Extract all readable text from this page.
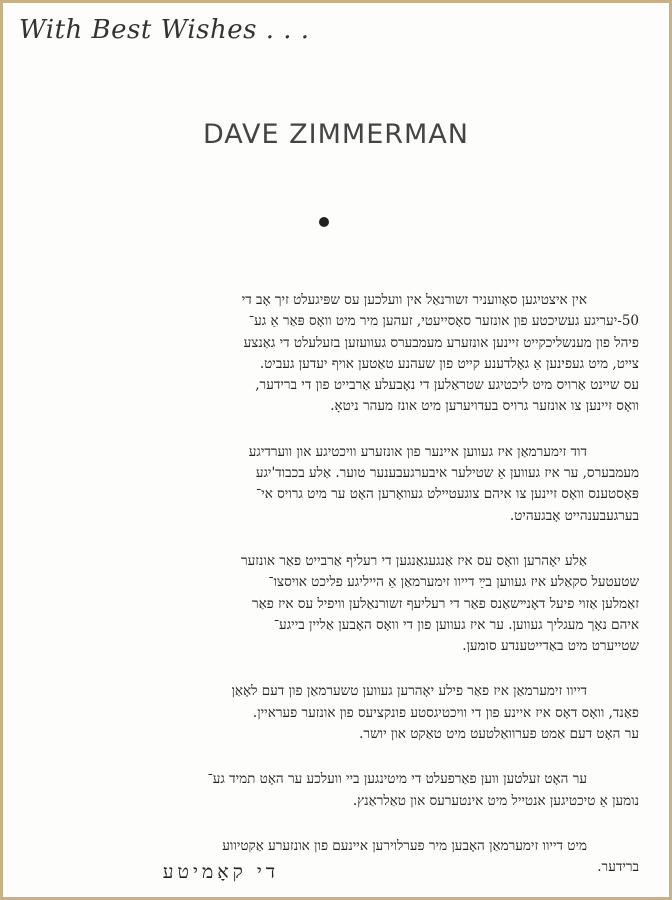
With Best Wishes . . .
DAVE ZIMMERMAN

אין איצטיגען סאָוועניר זשורנאַל אין וועלכען עס שפּיגעלט זיך אָב די
50-יעריגע געשיכטע פון אונזער סאָסייעטי, זעהען מיר מיט וואָס פּאַר אַ גע־
פיהל פון מענשליכקייט זיינען אונזערע מעמבערס געוועזען בזעלעלט די גאַנצע
צייט, מיט געפינען אַ גאָלדענע קייט פון שעהנע טאַטען אויף יעדען געביט.
עס שיינט אַרויס מיט ליכטיגע שטראַלען די נאָבעלע אַרבייט פון די ברידער,
וואָס זיינען צו אונזער גרויס בעדויערען מיט אונז מעהר ניטאָ.

דוד זימערמאַן איז געווען איינער פון אונזערע וויכטיגע און ווערדיגע
מעמבערס, ער איז געווען אַ שטילער איבערגעבענער טוער. אַלע בכבוד'יגע
פּאָסטענס וואָס זיינען צו איהם צוגעטיילט געוואָרען האָט ער מיט גרויס אי־
בערגעבענהייט אָבגעהיט.

אַלע יאָהרען וואָס עס איז אַנגעגאַנגען די רעליף אַרבייט פאַר אונזער
שטעטעל סקאַלע איז געווען בײַ דייוו זימערמאַן אַ הייליגע פליכט אויסצו־
זאַמלען אַזוי פיעל דאָנײשאַנס פאַר די רעליעף זשורנאַלען וויפיל עס איז פאַר
איהם נאָך מעגליך געווען. ער איז געווען פון די וואָס האָבען אַליין בייגע־
שטייערט מיט באַדייטענדע סומען.

דייוו זימערמאַן איז פאַר פילע יאָהרען געווען טשערמאַן פון דעם לאָאַן
פאַנד, וואָס דאָס איז איינע פון די וויכטיגסטע פונקציעס פון אונזער פעראיין.
ער האָט דעם אַמט פערוואַלטעט מיט טאַקט און יושר.

ער האָט זעלטען ווען פאַרפעלט די מיטינגען ביי וועלכע ער האָט תמיד גע־
נומען אַ טיכטיגען אנטייל מיט אינטערעס און טאַלראַנץ.

מיט דייוו זימערמאַן האָבען מיר פערלוירען איינעם פון אונזערע אַקטיווע
ברידער.

די קאָמיטע
